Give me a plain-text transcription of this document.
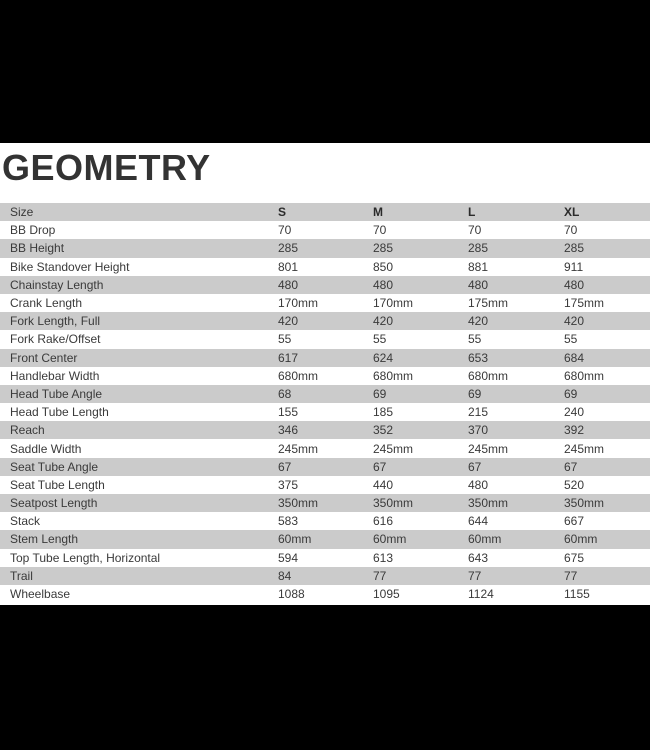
GEOMETRY
Size	S	M	L	XL
BB Drop	70	70	70	70
BB Height	285	285	285	285
Bike Standover Height	801	850	881	911
Chainstay Length	480	480	480	480
Crank Length	170mm	170mm	175mm	175mm
Fork Length, Full	420	420	420	420
Fork Rake/Offset	55	55	55	55
Front Center	617	624	653	684
Handlebar Width	680mm	680mm	680mm	680mm
Head Tube Angle	68	69	69	69
Head Tube Length	155	185	215	240
Reach	346	352	370	392
Saddle Width	245mm	245mm	245mm	245mm
Seat Tube Angle	67	67	67	67
Seat Tube Length	375	440	480	520
Seatpost Length	350mm	350mm	350mm	350mm
Stack	583	616	644	667
Stem Length	60mm	60mm	60mm	60mm
Top Tube Length, Horizontal	594	613	643	675
Trail	84	77	77	77
Wheelbase	1088	1095	1124	1155
